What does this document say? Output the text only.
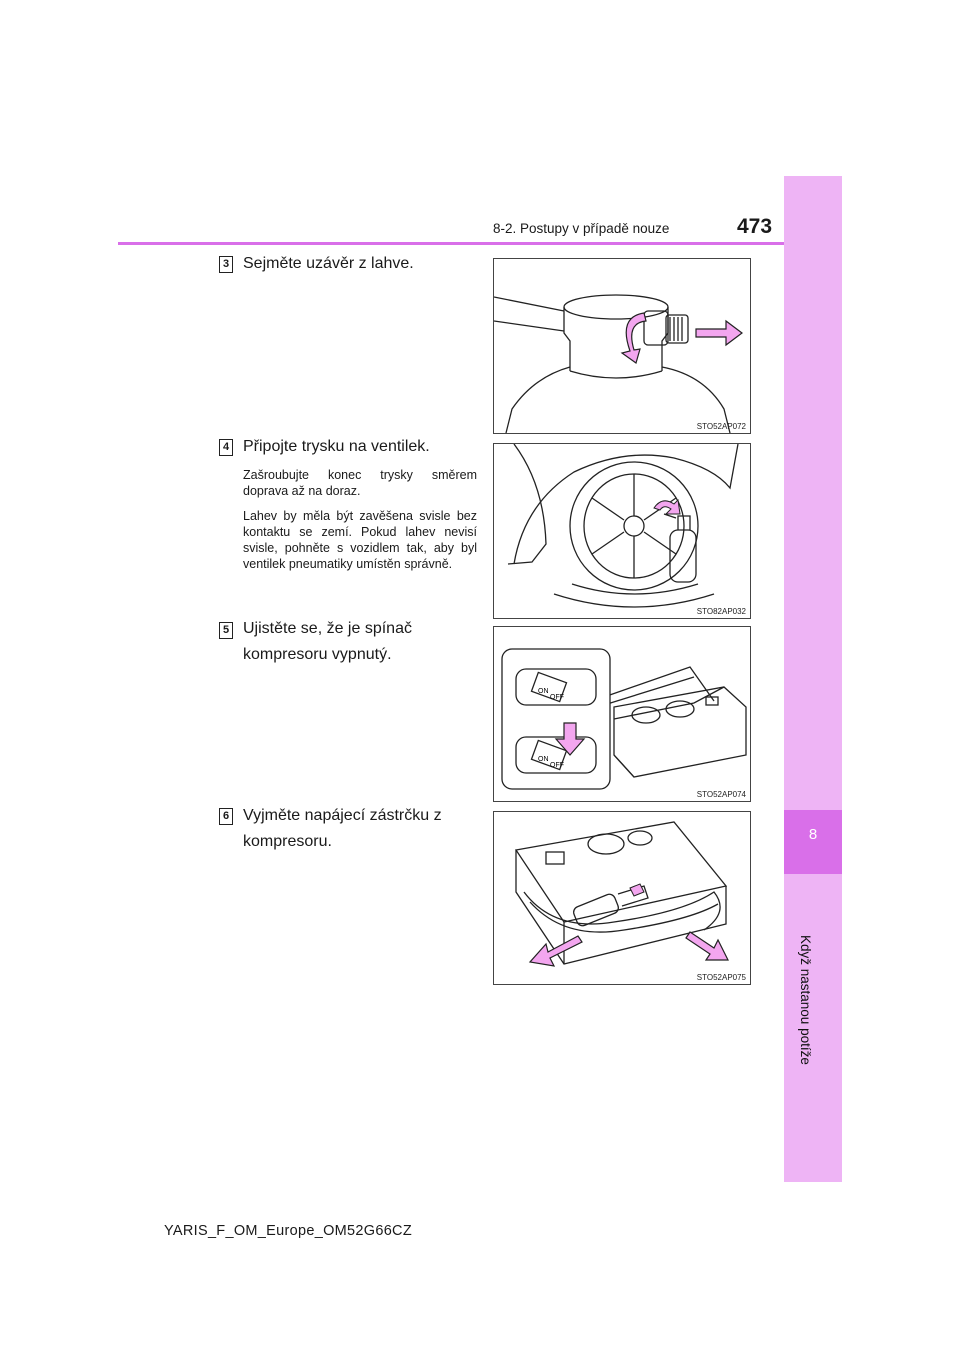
8
Když nastanou potíže
8-2. Postupy v případě nouze	473
3 Sejměte uzávěr z lahve.
STO52AP072
4 Připojte trysku na ventilek.
Zašroubujte konec trysky směrem doprava až na doraz.
Lahev by měla být zavěšena svisle bez kontaktu se zemí. Pokud lahev nevisí svisle, pohněte s vozidlem tak, aby byl ventilek pneumatiky umístěn správně.
STO82AP032
5 Ujistěte se, že je spínač kompresoru vypnutý.
ON
OFF
ON
OFF
STO52AP074
6 Vyjměte napájecí zástrčku z kompresoru.
STO52AP075
YARIS_F_OM_Europe_OM52G66CZ
